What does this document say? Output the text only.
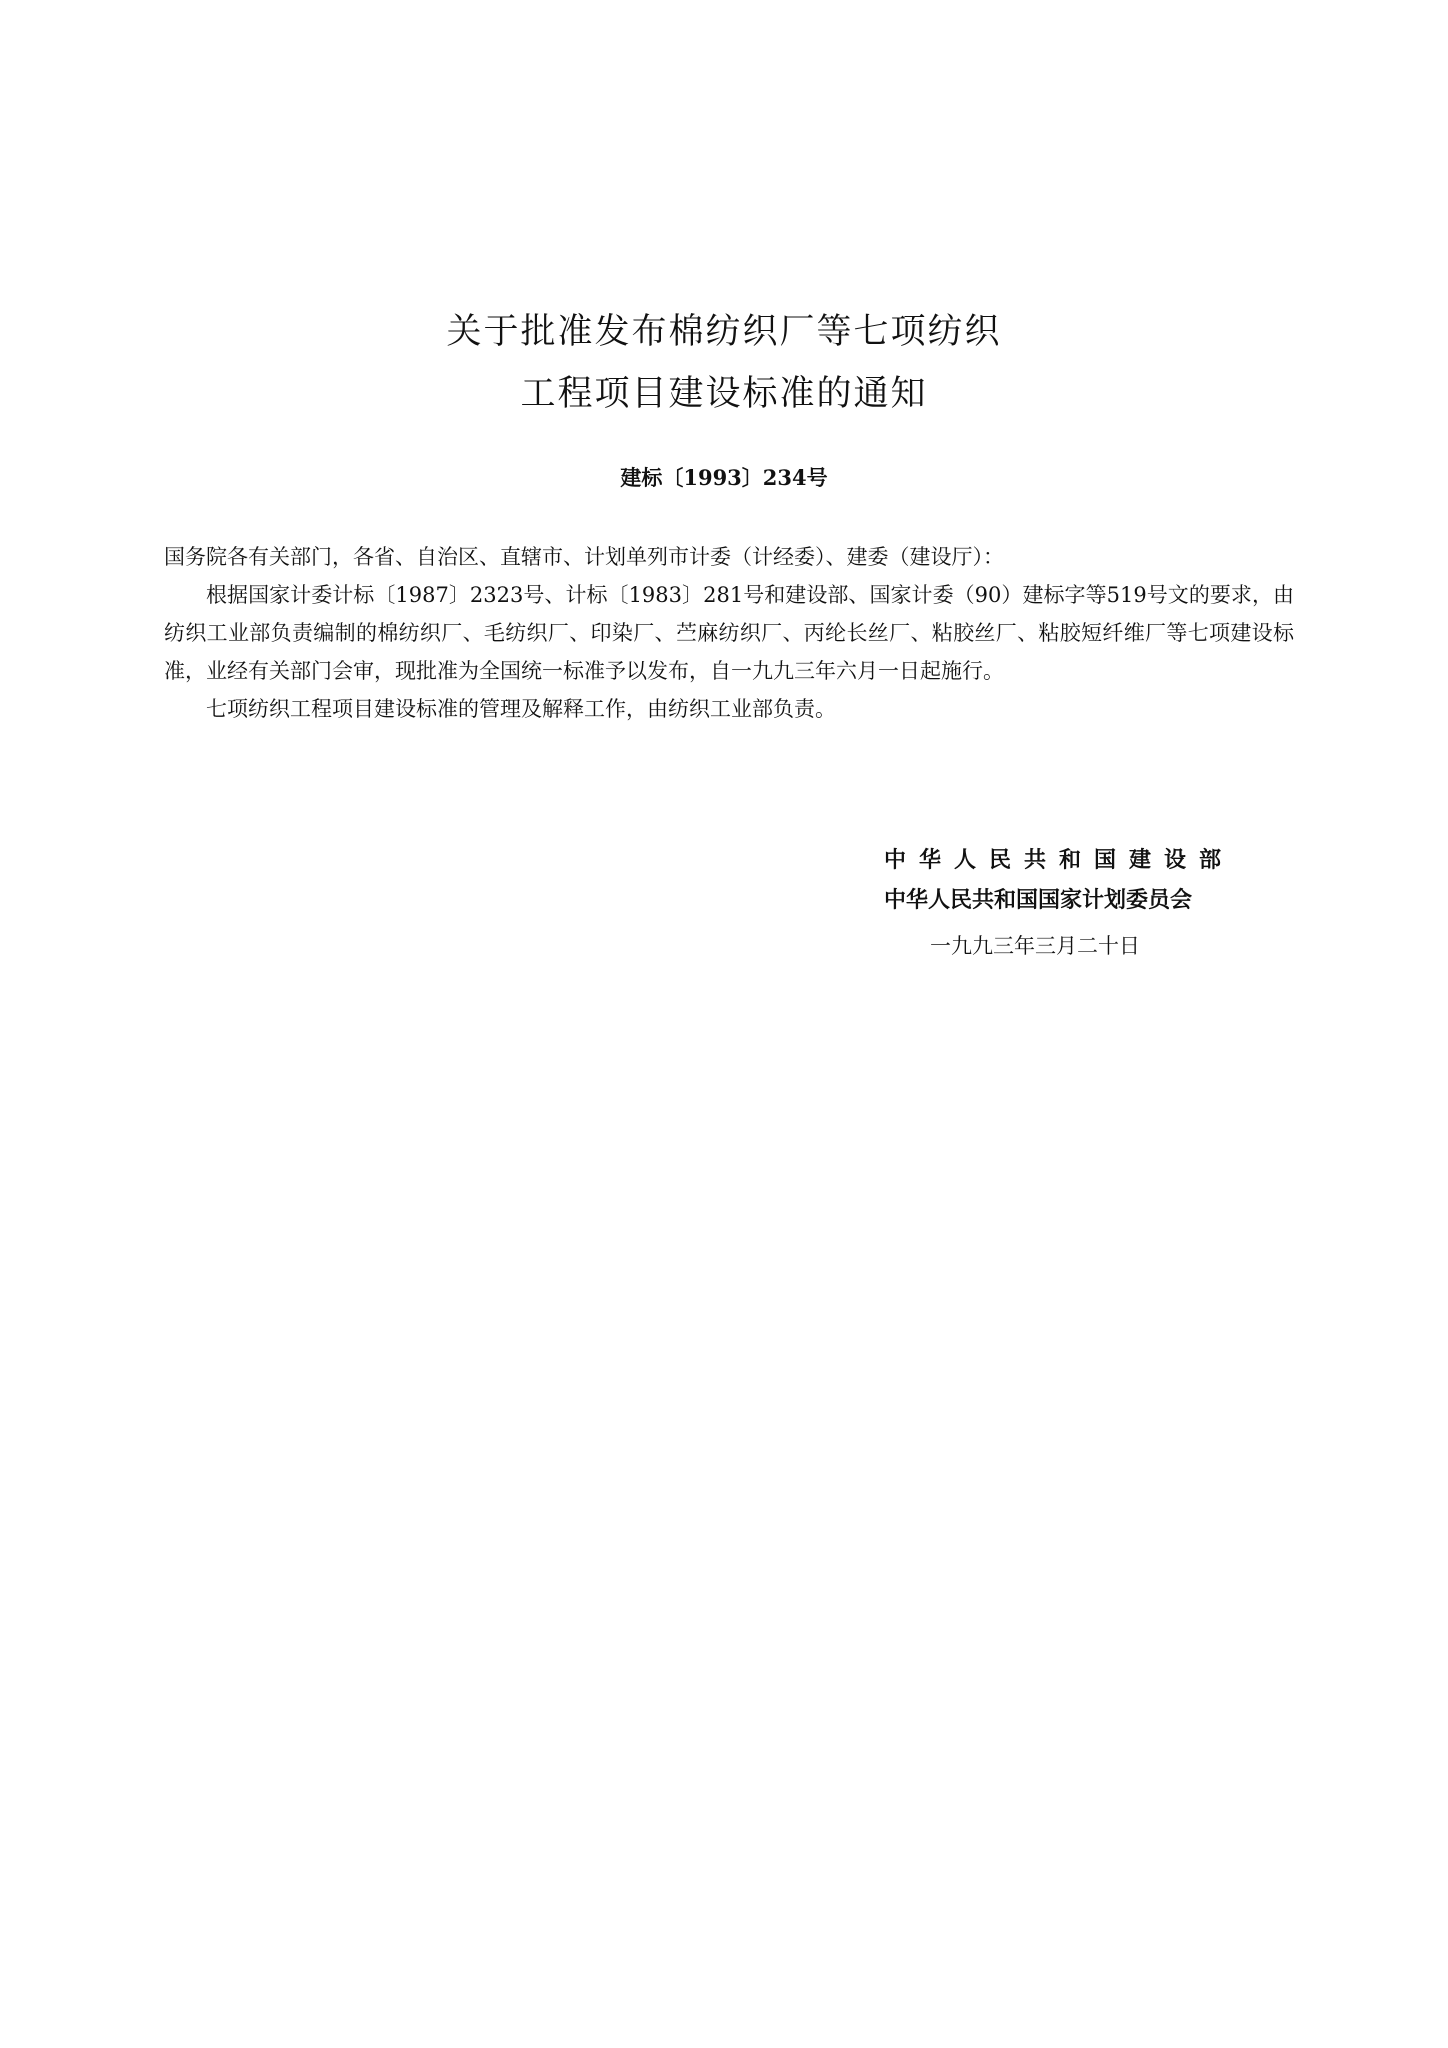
关于批准发布棉纺织厂等七项纺织
工程项目建设标准的通知
建标〔1993〕234号

国务院各有关部门，各省、自治区、直辖市、计划单列市计委（计经委）、建委（建设厅）：

根据国家计委计标〔1987〕2323号、计标〔1983〕281号和建设部、国家计委（90）建标字等519号文的要求，由纺织工业部负责编制的棉纺织厂、毛纺织厂、印染厂、苎麻纺织厂、丙纶长丝厂、粘胶丝厂、粘胶短纤维厂等七项建设标准，业经有关部门会审，现批准为全国统一标准予以发布，自一九九三年六月一日起施行。

七项纺织工程项目建设标准的管理及解释工作，由纺织工业部负责。

中华人民共和国建设部
中华人民共和国国家计划委员会
一九九三年三月二十日
